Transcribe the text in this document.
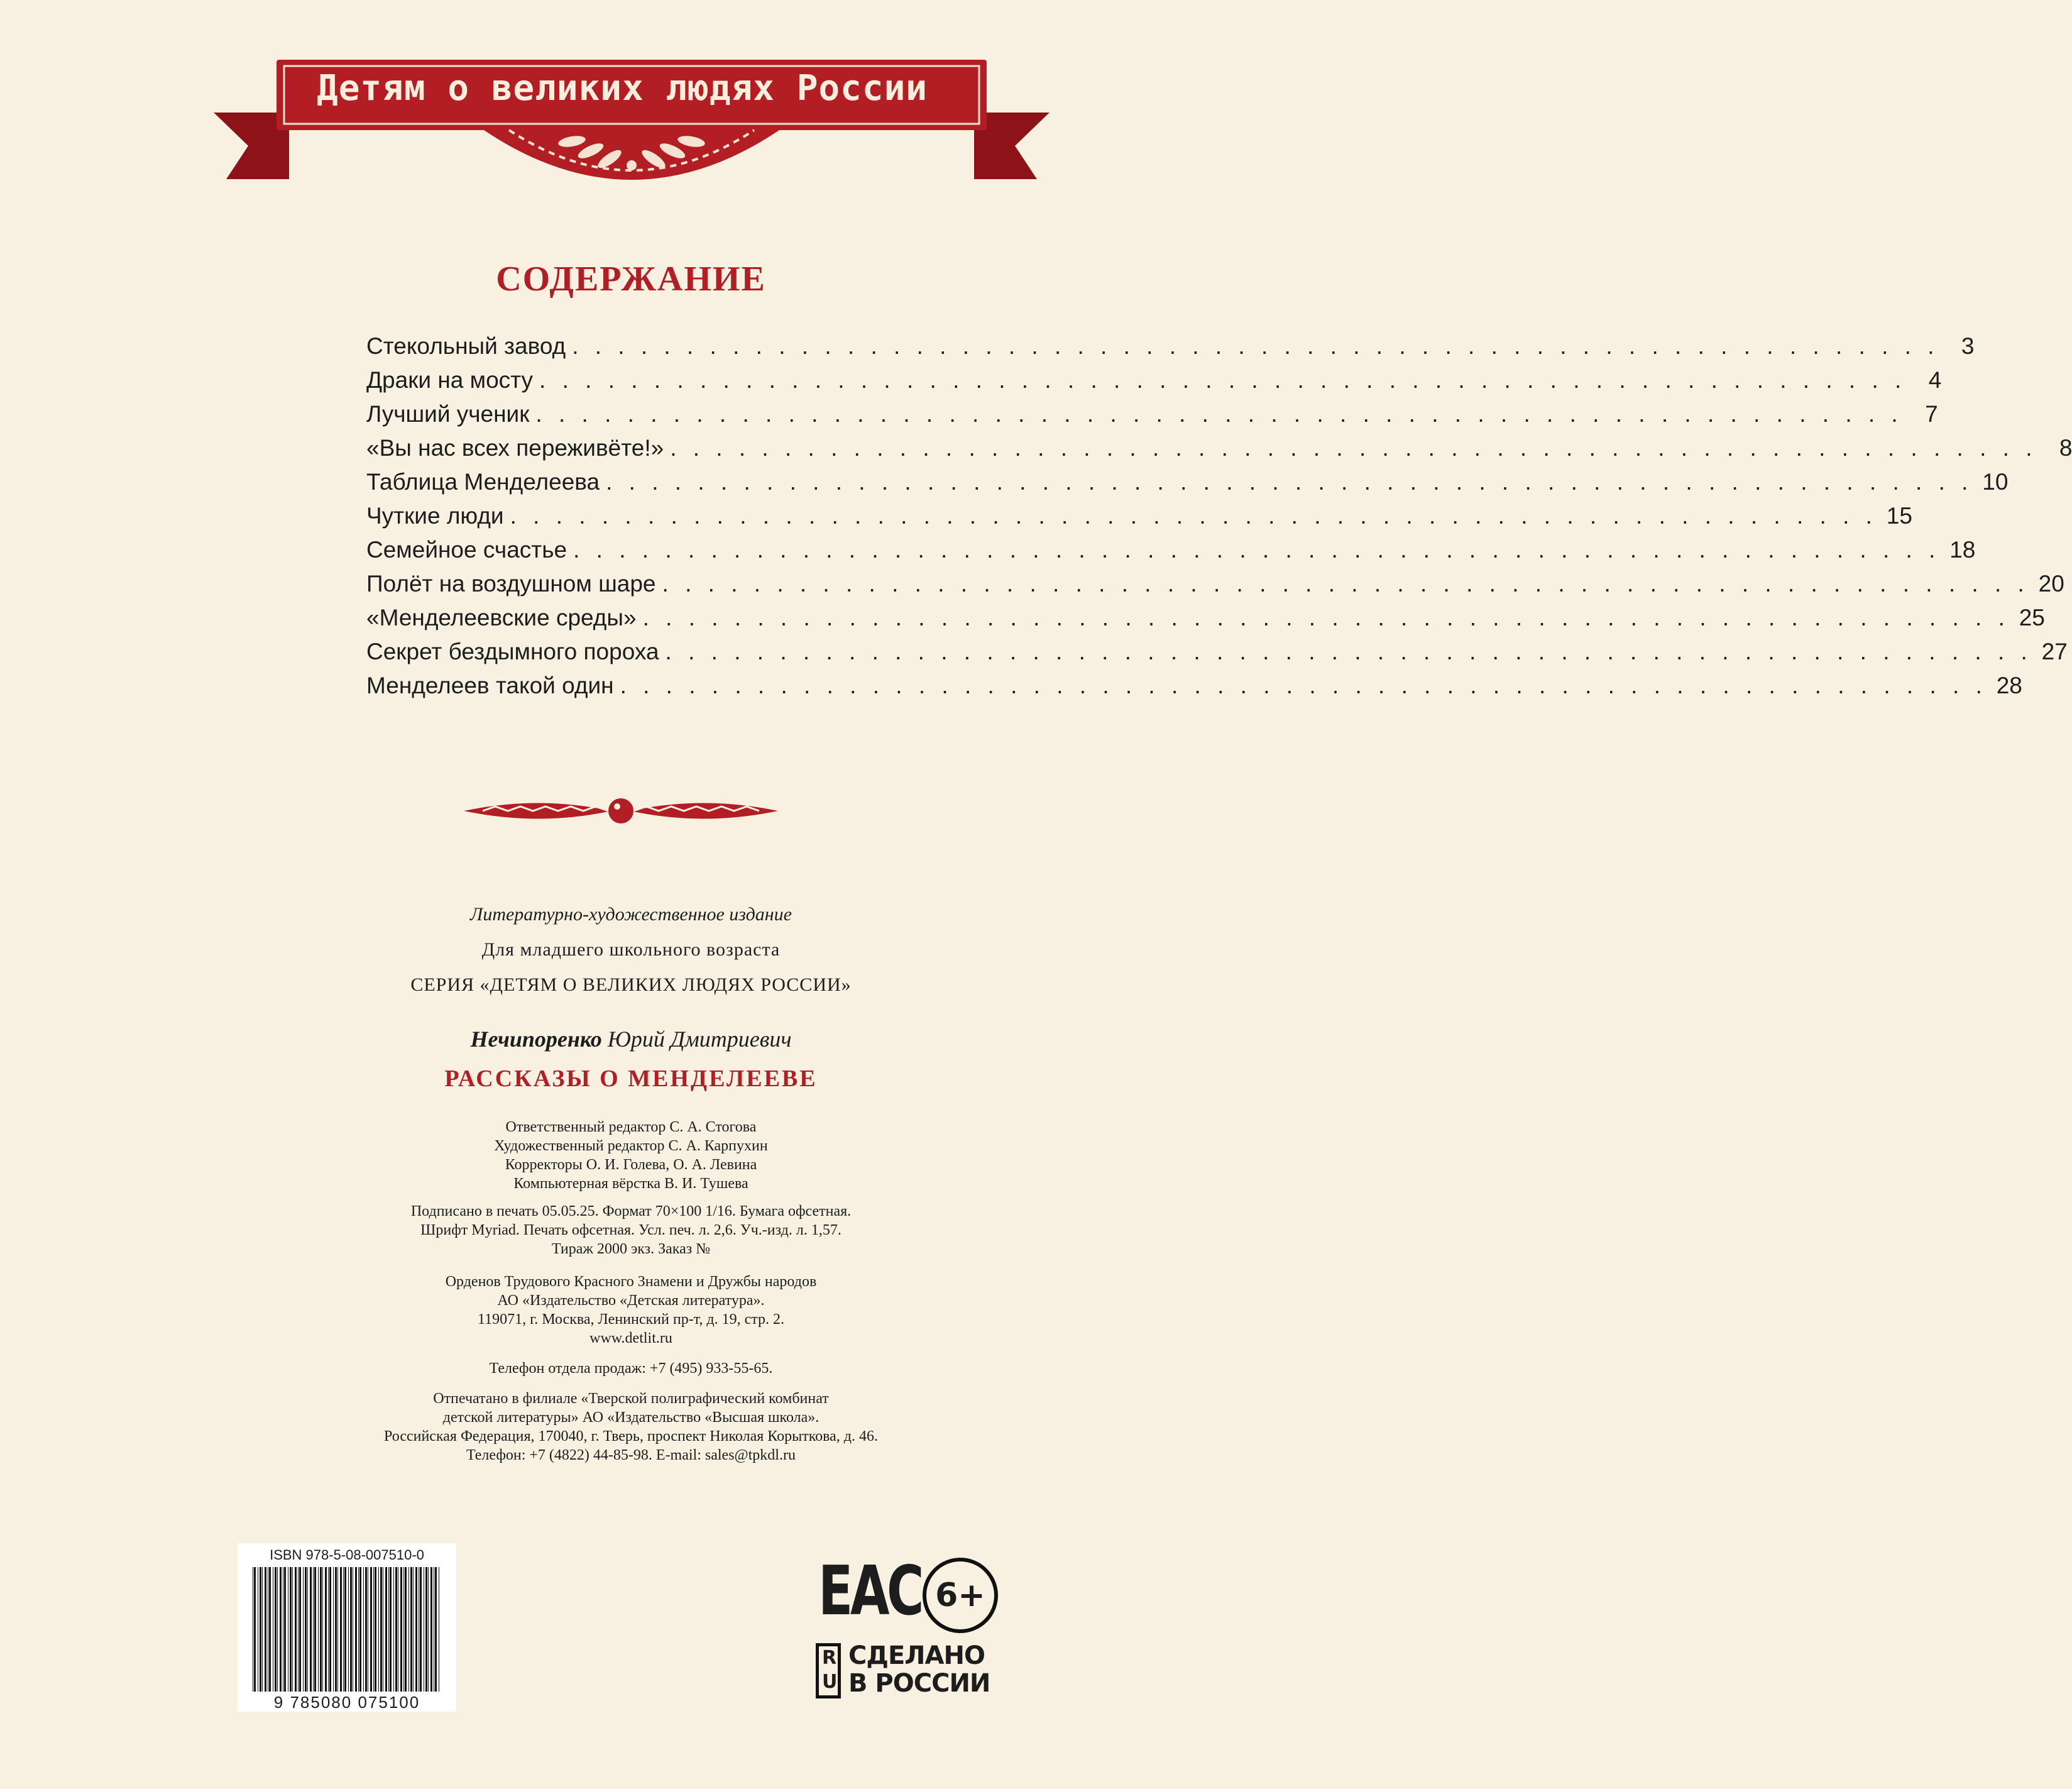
Детям о великих людях России
СОДЕРЖАНИЕ
Стекольный завод . . . . . . . . . . . . . . . . . . . . . . . . . . . . . . . . . . . . . . . . . . . . . . . . . . . . . . . . . . . . 3
Драки на мосту . . . . . . . . . . . . . . . . . . . . . . . . . . . . . . . . . . . . . . . . . . . . . . . . . . . . . . . . . . . . 4
Лучший ученик . . . . . . . . . . . . . . . . . . . . . . . . . . . . . . . . . . . . . . . . . . . . . . . . . . . . . . . . . . . . 7
«Вы нас всех переживёте!» . . . . . . . . . . . . . . . . . . . . . . . . . . . . . . . . . . . . . . . . . . . . . . . . . . . . . . . . . . . . 8
Таблица Менделеева . . . . . . . . . . . . . . . . . . . . . . . . . . . . . . . . . . . . . . . . . . . . . . . . . . . . . . . . . . . . 10
Чуткие люди . . . . . . . . . . . . . . . . . . . . . . . . . . . . . . . . . . . . . . . . . . . . . . . . . . . . . . . . . . . . 15
Семейное счастье . . . . . . . . . . . . . . . . . . . . . . . . . . . . . . . . . . . . . . . . . . . . . . . . . . . . . . . . . . . . 18
Полёт на воздушном шаре . . . . . . . . . . . . . . . . . . . . . . . . . . . . . . . . . . . . . . . . . . . . . . . . . . . . . . . . . . . . 20
«Менделеевские среды» . . . . . . . . . . . . . . . . . . . . . . . . . . . . . . . . . . . . . . . . . . . . . . . . . . . . . . . . . . . . 25
Секрет бездымного пороха . . . . . . . . . . . . . . . . . . . . . . . . . . . . . . . . . . . . . . . . . . . . . . . . . . . . . . . . . . . . 27
Менделеев такой один . . . . . . . . . . . . . . . . . . . . . . . . . . . . . . . . . . . . . . . . . . . . . . . . . . . . . . . . . . . . 28
Литературно-художественное издание
Для младшего школьного возраста
СЕРИЯ «ДЕТЯМ О ВЕЛИКИХ ЛЮДЯХ РОССИИ»
Нечипоренко Юрий Дмитриевич
РАССКАЗЫ О МЕНДЕЛЕЕВЕ
Ответственный редактор С. А. Стогова
Художественный редактор С. А. Карпухин
Корректоры О. И. Голева, О. А. Левина
Компьютерная вёрстка В. И. Тушева
Подписано в печать 05.05.25. Формат 70×100 1/16. Бумага офсетная.
Шрифт Myriad. Печать офсетная. Усл. печ. л. 2,6. Уч.-изд. л. 1,57.
Тираж 2000 экз. Заказ №
Орденов Трудового Красного Знамени и Дружбы народов
АО «Издательство «Детская литература».
119071, г. Москва, Ленинский пр-т, д. 19, стр. 2.
www.detlit.ru
Телефон отдела продаж: +7 (495) 933-55-65.
Отпечатано в филиале «Тверской полиграфический комбинат
детской литературы» АО «Издательство «Высшая школа».
Российская Федерация, 170040, г. Тверь, проспект Николая Корыткова, д. 46.
Телефон: +7 (4822) 44-85-98. E-mail: sales@tpkdl.ru
ISBN 978-5-08-007510-0
9 785080 075100
EAC 6+
RU
СДЕЛАНО
В РОССИИ
